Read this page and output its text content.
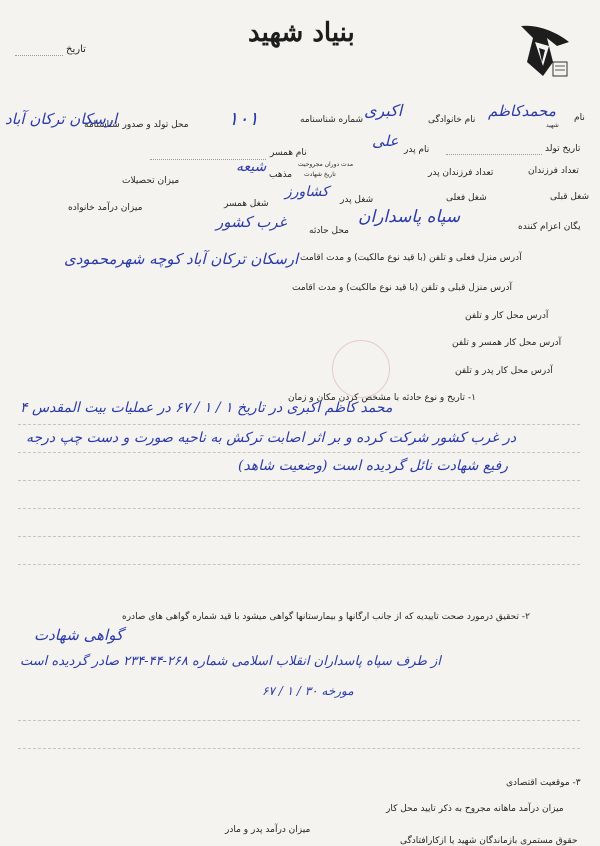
تاریخ
بنیاد شهید
نام
شهید
محمدکاظم
نام خانوادگی
اکبری
شماره شناسنامه
۱۰۱
محل تولد و صدور شناسنامه
ارسکان ترکان آباد
تاریخ تولد
نام پدر
علی
نام همسر
تعداد فرزندان
تعداد فرزندان پدر
مدت دوران مجروحیت
تاریخ شهادت
مذهب
شیعه
میزان تحصیلات
شغل قبلی
شغل فعلی
شغل پدر
کشاورز
شغل همسر
میزان درآمد خانواده
یگان اعزام کننده
سپاه پاسداران
محل حادثه
غرب کشور
آدرس منزل فعلی و تلفن (با قید نوع مالکیت) و مدت اقامت
ارسکان ترکان آباد کوچه شهرمحمودی
آدرس منزل قبلی و تلفن (با قید نوع مالکیت) و مدت اقامت
آدرس محل کار و تلفن
آدرس محل کار همسر و تلفن
آدرس محل کار پدر و تلفن
۱- تاریخ و نوع حادثه با مشخص کردن مکان و زمان
محمد کاظم اکبری در تاریخ ۱ / ۱ / ۶۷ در عملیات بیت المقدس ۴
در غرب کشور شرکت کرده و بر اثر اصابت ترکش به ناحیه صورت و دست چپ درجه
رفیع شهادت نائل گردیده است (وضعیت شاهد)
۲- تحقیق درمورد صحت تاییدیه که از جانب ارگانها و بیمارستانها گواهی میشود با قید شماره گواهی های صادره
گواهی شهادت
از طرف سپاه پاسداران انقلاب اسلامی شماره ۲۶۸-۴۴-۲۳۴ صادر گردیده است
مورخه ۳۰ / ۱ / ۶۷
۳- موقعیت اقتصادی
میزان درآمد ماهانه مجروح به ذکر تایید محل کار
میزان درآمد پدر و مادر
حقوق مستمری بازماندگان شهید یا ازکارافتادگی
